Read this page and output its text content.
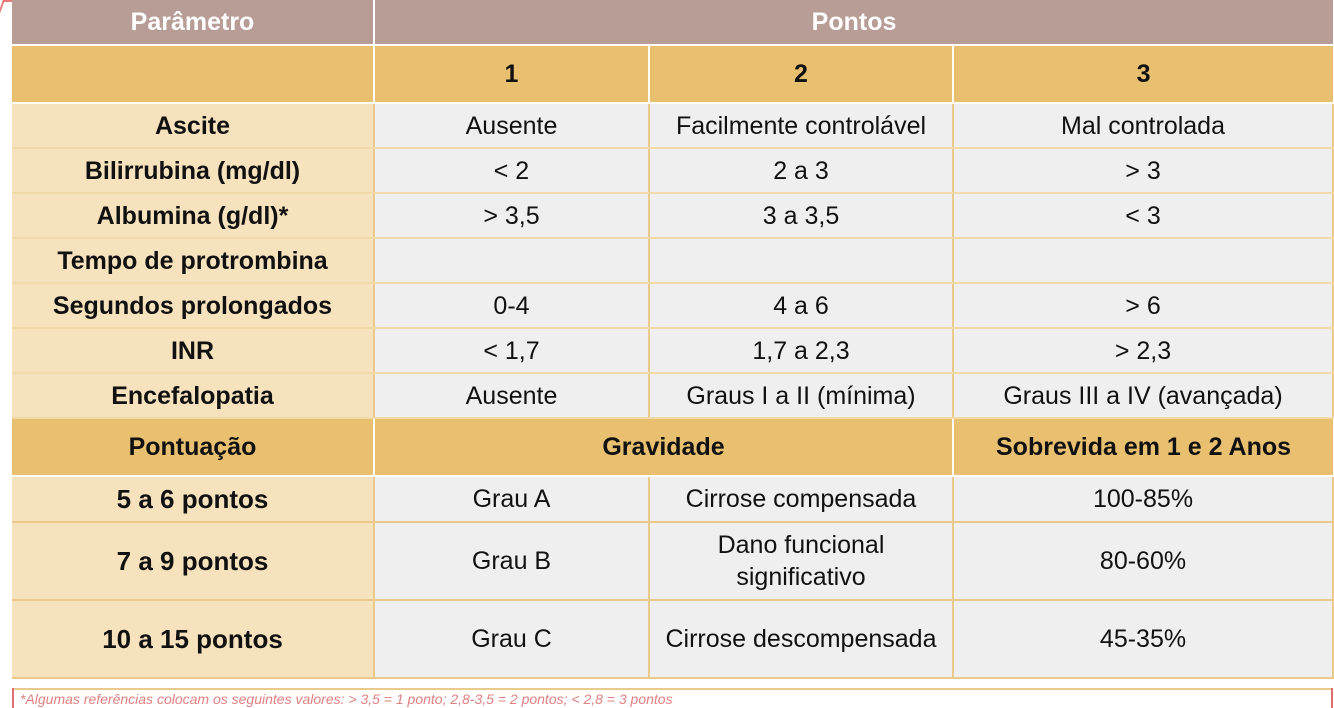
Parâmetro	Pontos		
	1	2	3
Ascite	Ausente	Facilmente controlável	Mal controlada
Bilirrubina (mg/dl)	< 2	2 a 3	> 3
Albumina (g/dl)*	> 3,5	3 a 3,5	< 3
Tempo de protrombina			
Segundos prolongados	0-4	4 a 6	> 6
INR	< 1,7	1,7 a 2,3	> 2,3
Encefalopatia	Ausente	Graus I a II (mínima)	Graus III a IV (avançada)
Pontuação	Gravidade		Sobrevida em 1 e 2 Anos
5 a 6 pontos	Grau A	Cirrose compensada	100-85%
7 a 9 pontos	Grau B	Dano funcional significativo	80-60%
10 a 15 pontos	Grau C	Cirrose descompensada	45-35%
*Algumas referências colocam os seguintes valores: > 3,5 = 1 ponto; 2,8-3,5 = 2 pontos; < 2,8 = 3 pontos
